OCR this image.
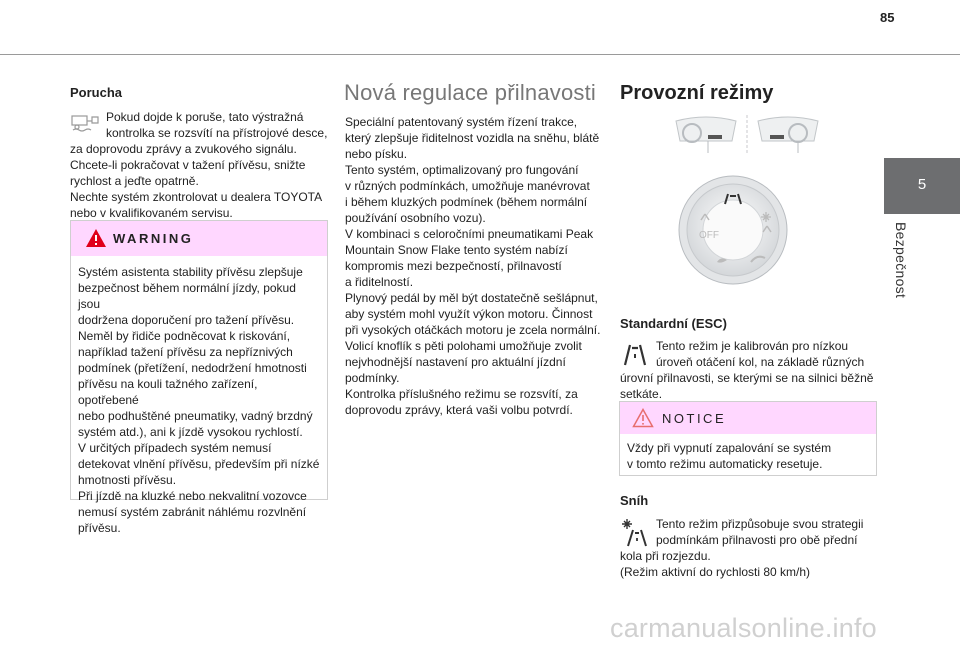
85
5
Bezpečnost
Porucha

Pokud dojde k poruše, tato výstražná

kontrolka se rozsvítí na přístrojové desce,

za doprovodu zprávy a zvukového signálu.

Chcete-li pokračovat v tažení přívěsu, snižte

rychlost a jeďte opatrně.

Nechte systém zkontrolovat u dealera TOYOTA

nebo v kvalifikovaném servisu.

WARNING

Systém asistenta stability přívěsu zlepšuje

bezpečnost během normální jízdy, pokud jsou

dodržena doporučení pro tažení přívěsu.

Neměl by řidiče podněcovat k riskování,

například tažení přívěsu za nepříznivých

podmínek (přetížení, nedodržení hmotnosti

přívěsu na kouli tažného zařízení, opotřebené

nebo podhuštěné pneumatiky, vadný brzdný

systém atd.), ani k jízdě vysokou rychlostí.

V určitých případech systém nemusí

detekovat vlnění přívěsu, především při nízké

hmotnosti přívěsu.

Při jízdě na kluzké nebo nekvalitní vozovce

nemusí systém zabránit náhlému rozvlnění

přívěsu.

Nová regulace přilnavosti

Speciální patentovaný systém řízení trakce,

který zlepšuje řiditelnost vozidla na sněhu, blátě

nebo písku.

Tento systém, optimalizovaný pro fungování

v různých podmínkách, umožňuje manévrovat

i během kluzkých podmínek (během normální

používání osobního vozu).

V kombinaci s celoročními pneumatikami Peak

Mountain Snow Flake tento systém nabízí

kompromis mezi bezpečností, přilnavostí

a řiditelností.

Plynový pedál by měl být dostatečně sešlápnut,

aby systém mohl využít výkon motoru. Činnost

při vysokých otáčkách motoru je zcela normální.

Volicí knoflík s pěti polohami umožňuje zvolit

nejvhodnější nastavení pro aktuální jízdní

podmínky.

Kontrolka příslušného režimu se rozsvítí, za

doprovodu zprávy, která vaši volbu potvrdí.

Provozní režimy
OFF
Standardní (ESC)

Tento režim je kalibrován pro nízkou

úroveň otáčení kol, na základě různých

úrovní přilnavosti, se kterými se na silnici běžně

setkáte.

NOTICE

Vždy při vypnutí zapalování se systém

v tomto režimu automaticky resetuje.

Sníh

Tento režim přizpůsobuje svou strategii

podmínkám přilnavosti pro obě přední

kola při rozjezdu.

(Režim aktivní do rychlosti 80 km/h)

carmanualsonline.info
